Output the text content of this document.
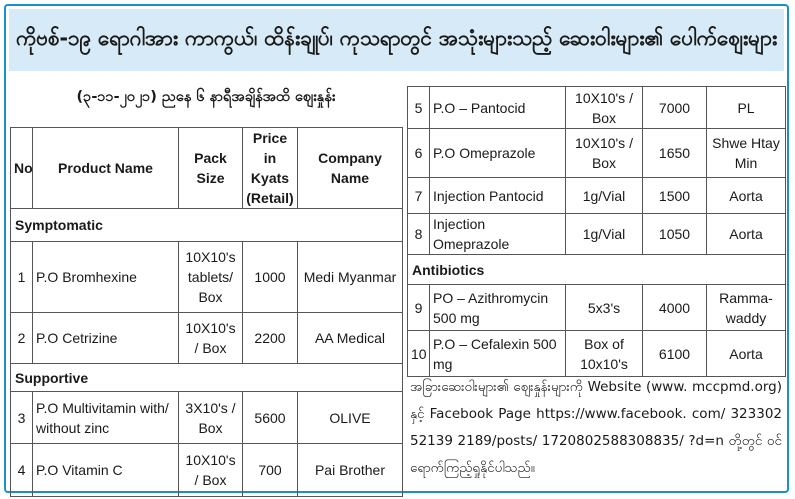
ကိုဗစ်-၁၉ ရောဂါအား ကာကွယ်၊ ထိန်းချုပ်၊ ကုသရာတွင် အသုံးများသည့် ဆေးဝါးများ၏ ပေါက်ဈေးများ
(၃-၁၁-၂၀၂၁) ညနေ ၆ နာရီအချိန်အထိ ဈေးနှုန်း
No	Product Name	Pack Size	Price in Kyats (Retail)	Company Name
Symptomatic				
1	P.O Bromhexine	10X10's tablets/ Box	1000	Medi Myanmar
2	P.O Cetrizine	10X10's / Box	2200	AA Medical
Supportive				
3	P.O Multivitamin with/ without zinc	3X10's / Box	5600	OLIVE
4	P.O Vitamin C	10X10's / Box	700	Pai Brother
5	P.O – Pantocid	10X10's / Box	7000	PL
6	P.O Omeprazole	10X10's / Box	1650	Shwe Htay Min
7	Injection Pantocid	1g/Vial	1500	Aorta
8	Injection Omeprazole	1g/Vial	1050	Aorta
Antibiotics				
9	PO – Azithromycin 500 mg	5x3's	4000	Ramma-waddy
10	P.O – Cefalexin 500 mg	Box of 10x10's	6100	Aorta
အခြားဆေးဝါးများ၏ ဈေးနှုန်းများကို Website (www. mccpmd.org) နှင့် Facebook Page https://www.facebook. com/ 32330252139 2189/posts/ 1720802588308835/ ?d=n တို့တွင် ဝင်ရောက်ကြည့်ရှုနိုင်ပါသည်။
